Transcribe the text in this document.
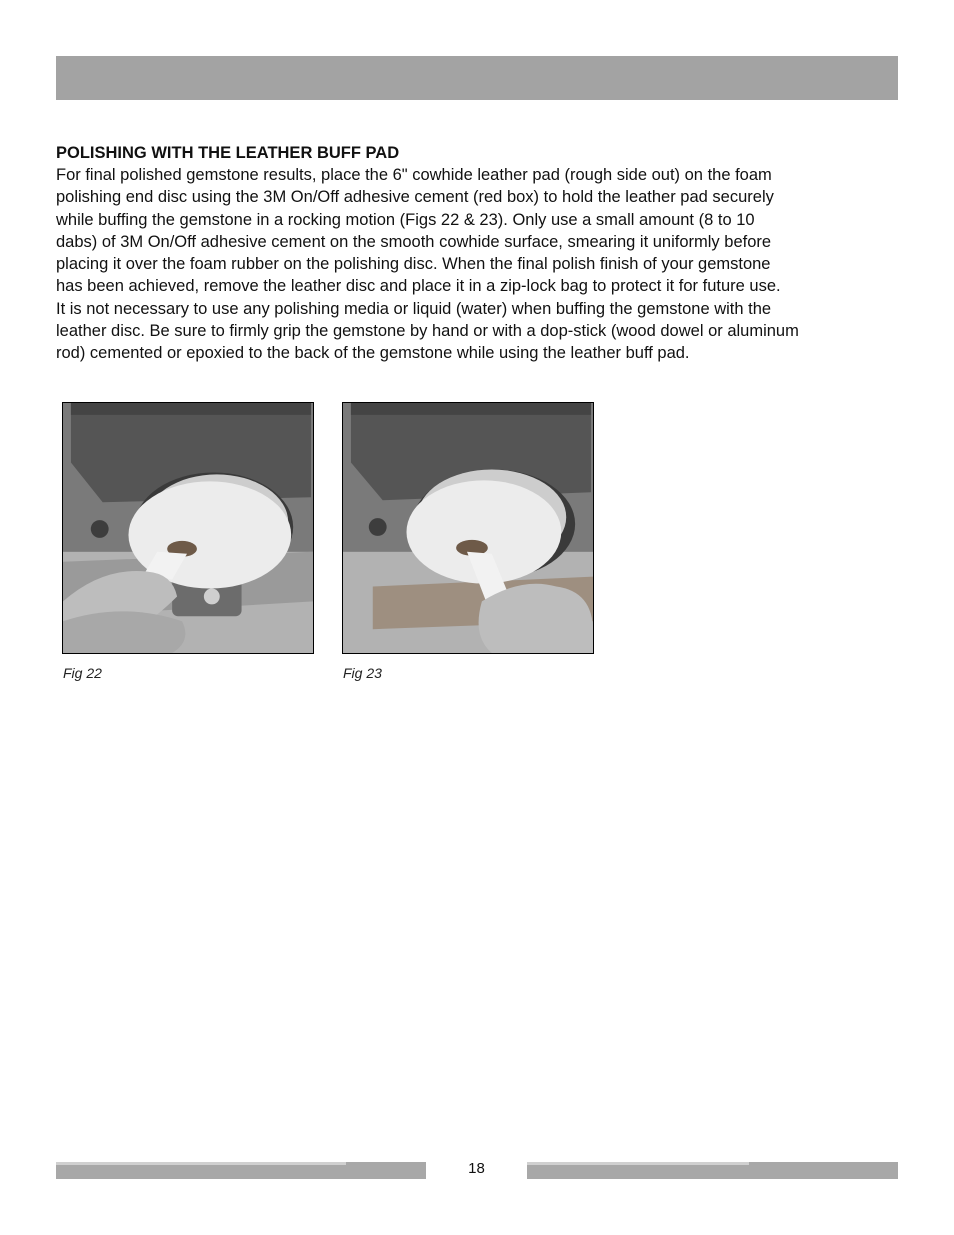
POLISHING WITH THE LEATHER BUFF PAD

For final polished gemstone results, place the 6" cowhide leather pad (rough side out) on the foam
polishing end disc using the 3M On/Off adhesive cement (red box) to hold the leather pad securely
while buffing the gemstone in a rocking motion (Figs 22 & 23). Only use a small amount (8 to 10
dabs) of 3M On/Off adhesive cement on the smooth cowhide surface, smearing it uniformly before
placing it over the foam rubber on the polishing disc. When the final polish finish of your gemstone
has been achieved, remove the leather disc and place it in a zip-lock bag to protect it for future use.
It is not necessary to use any polishing media or liquid (water) when buffing the gemstone with the
leather disc. Be sure to firmly grip the gemstone by hand or with a dop-stick (wood dowel or aluminum
rod) cemented or epoxied to the back of the gemstone while using the leather buff pad.

Fig 22	Fig 23
18
